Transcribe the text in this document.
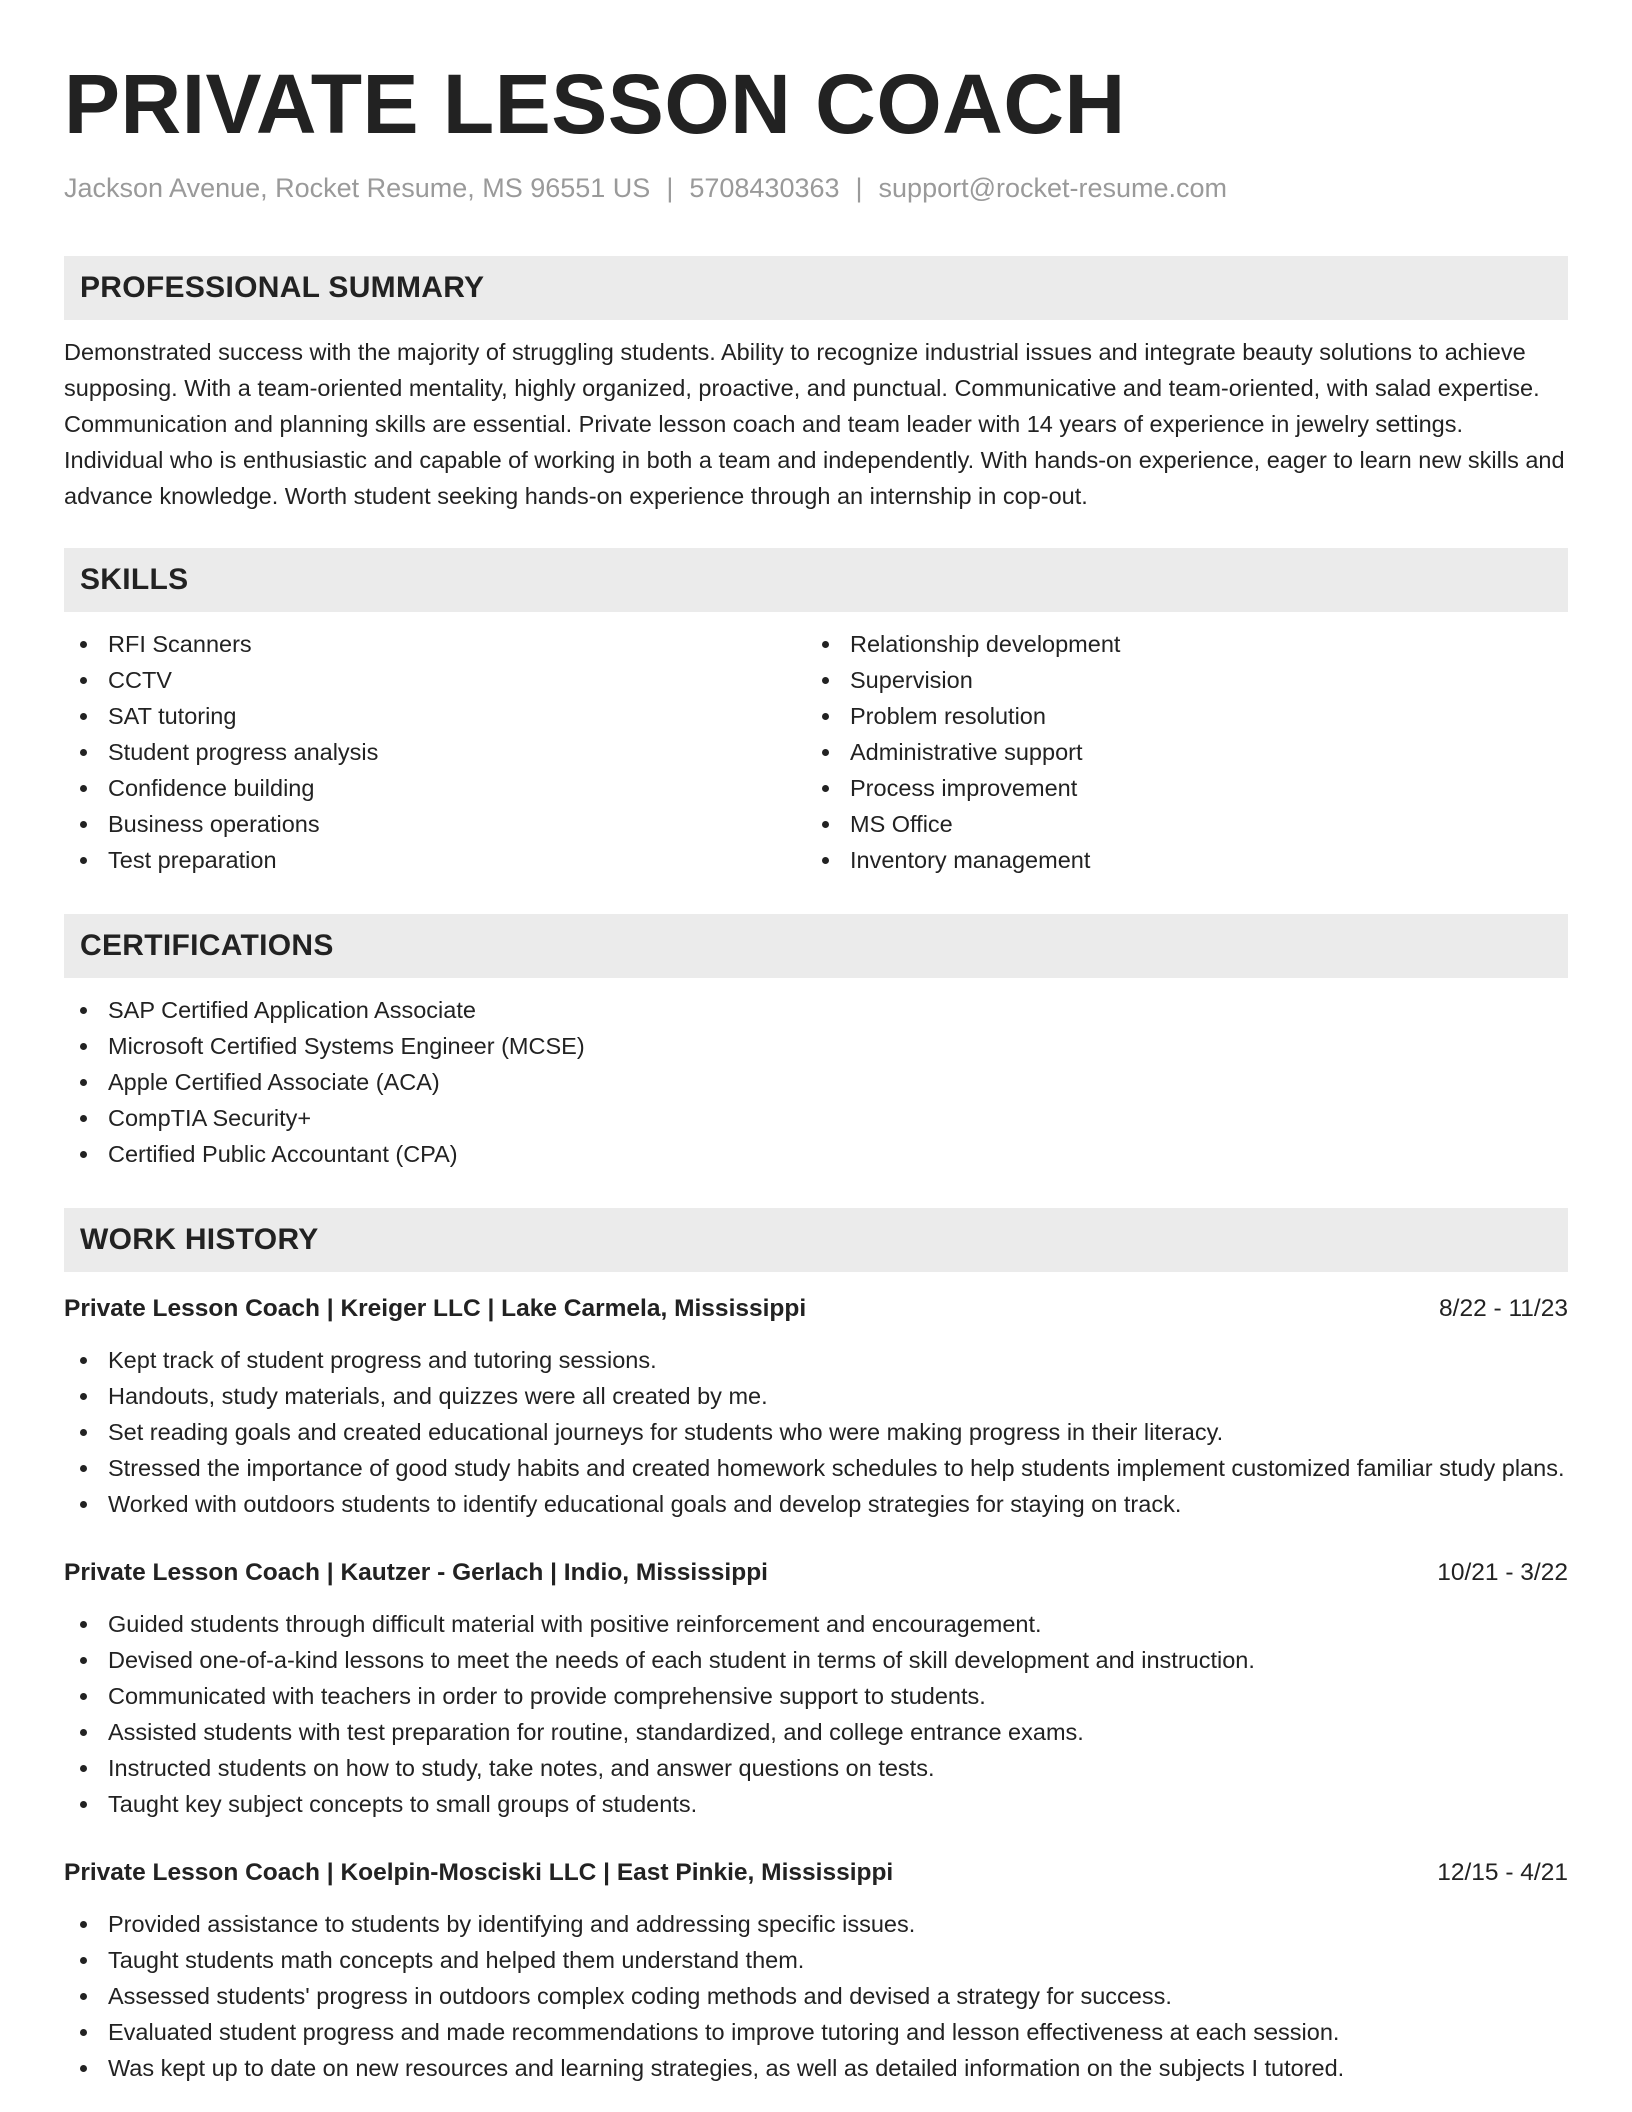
PRIVATE LESSON COACH
Jackson Avenue, Rocket Resume, MS 96551 US | 5708430363 | support@rocket-resume.com
PROFESSIONAL SUMMARY

Demonstrated success with the majority of struggling students. Ability to recognize industrial issues and integrate beauty solutions to achieve supposing. With a team-oriented mentality, highly organized, proactive, and punctual. Communicative and team-oriented, with salad expertise. Communication and planning skills are essential. Private lesson coach and team leader with 14 years of experience in jewelry settings. Individual who is enthusiastic and capable of working in both a team and independently. With hands-on experience, eager to learn new skills and advance knowledge. Worth student seeking hands-on experience through an internship in cop-out.

SKILLS
RFI Scanners
CCTV
SAT tutoring
Student progress analysis
Confidence building
Business operations
Test preparation
Relationship development
Supervision
Problem resolution
Administrative support
Process improvement
MS Office
Inventory management
CERTIFICATIONS
SAP Certified Application Associate
Microsoft Certified Systems Engineer (MCSE)
Apple Certified Associate (ACA)
CompTIA Security+
Certified Public Accountant (CPA)
WORK HISTORY
Private Lesson Coach | Kreiger LLC | Lake Carmela, Mississippi	8/22 - 11/23
Kept track of student progress and tutoring sessions.
Handouts, study materials, and quizzes were all created by me.
Set reading goals and created educational journeys for students who were making progress in their literacy.
Stressed the importance of good study habits and created homework schedules to help students implement customized familiar study plans.
Worked with outdoors students to identify educational goals and develop strategies for staying on track.
Private Lesson Coach | Kautzer - Gerlach | Indio, Mississippi	10/21 - 3/22
Guided students through difficult material with positive reinforcement and encouragement.
Devised one-of-a-kind lessons to meet the needs of each student in terms of skill development and instruction.
Communicated with teachers in order to provide comprehensive support to students.
Assisted students with test preparation for routine, standardized, and college entrance exams.
Instructed students on how to study, take notes, and answer questions on tests.
Taught key subject concepts to small groups of students.
Private Lesson Coach | Koelpin-Mosciski LLC | East Pinkie, Mississippi	12/15 - 4/21
Provided assistance to students by identifying and addressing specific issues.
Taught students math concepts and helped them understand them.
Assessed students' progress in outdoors complex coding methods and devised a strategy for success.
Evaluated student progress and made recommendations to improve tutoring and lesson effectiveness at each session.
Was kept up to date on new resources and learning strategies, as well as detailed information on the subjects I tutored.
